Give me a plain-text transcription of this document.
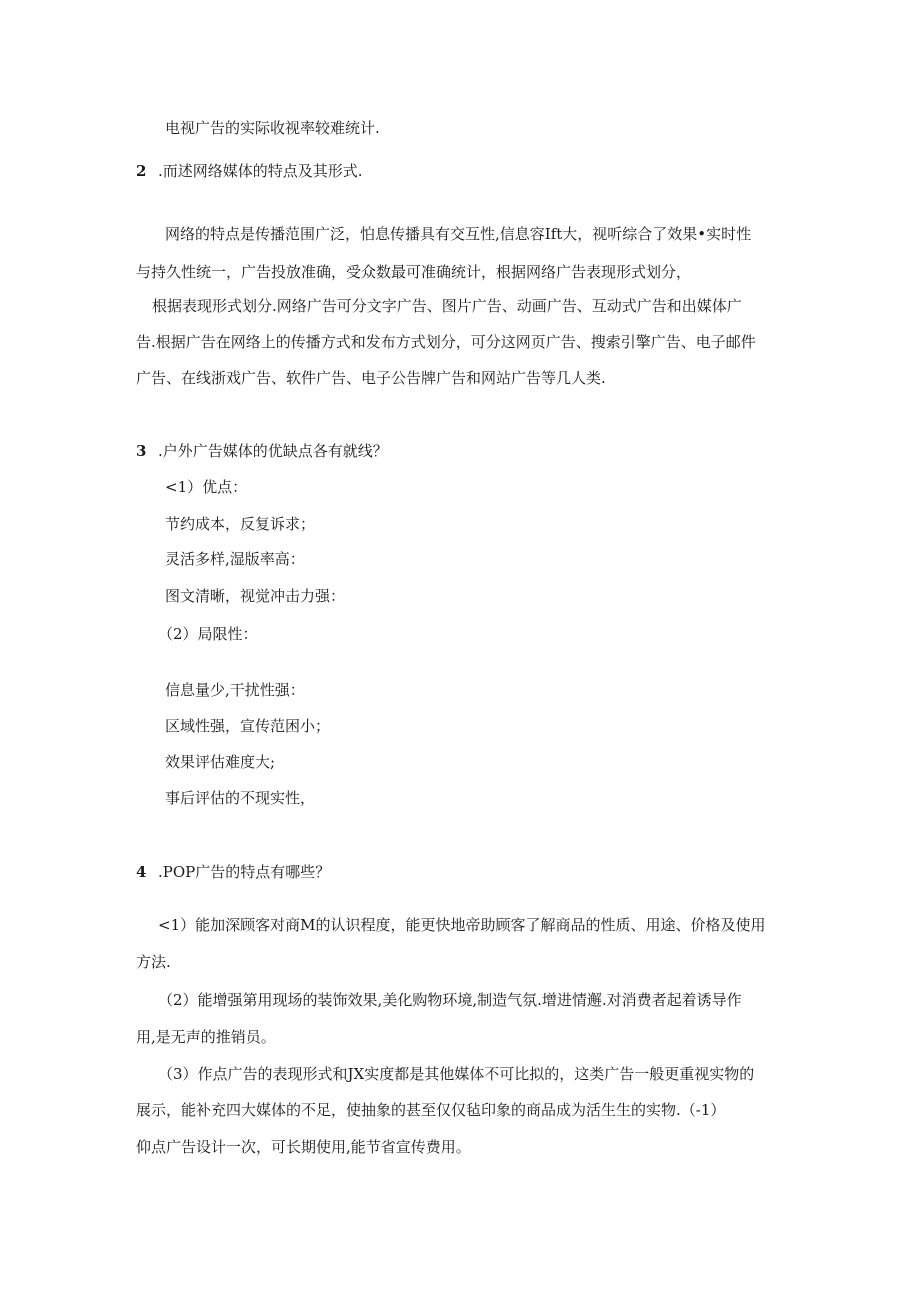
电视广告的实际收视率较难统计.
2 .而述网络媒体的特点及其形式.
网络的特点是传播范围广泛，怕息传播具有交互性,信息容Ift大，视听综合了效果•实时性
与持久性统一，广告投放准确，受众数最可准确统计，根据网络广告表现形式划分，
根据表现形式划分.网络广告可分文字广告、图片广告、动画广告、互动式广告和出媒体广
告.根据广告在网络上的传播方式和发布方式划分，可分这网页广告、搜索引擎广告、电子邮件
广告、在线浙戏广告、软件广告、电子公告牌广告和网站广告等几人类.
3 .户外广告媒体的优缺点各有就线？
<1）优点：
节约成本，反复诉求；
灵活多样,湿版率高：
图文清晰，视觉冲击力强：
（2）局限性：
信息量少,干扰性强：
区域性强，宣传范困小；
效果评估难度大;
事后评估的不现实性，
4 .POP广告的特点有哪些？
<1）能加深顾客对商M的认识程度，能更快地帝助顾客了解商品的性质、用途、价格及使用
方法.
（2）能增强第用现场的装饰效果,美化购物环境,制造气氛.增进情邂.对消费者起着诱导作
用,是无声的推销员。
（3）作点广告的表现形式和JX实度都是其他媒体不可比拟的，这类广告一般更重视实物的
展示，能补充四大媒体的不足，使抽象的甚至仅仅毡印象的商品成为活生生的实物.（-1）
仰点广告设计一次，可长期使用,能节省宣传费用。
